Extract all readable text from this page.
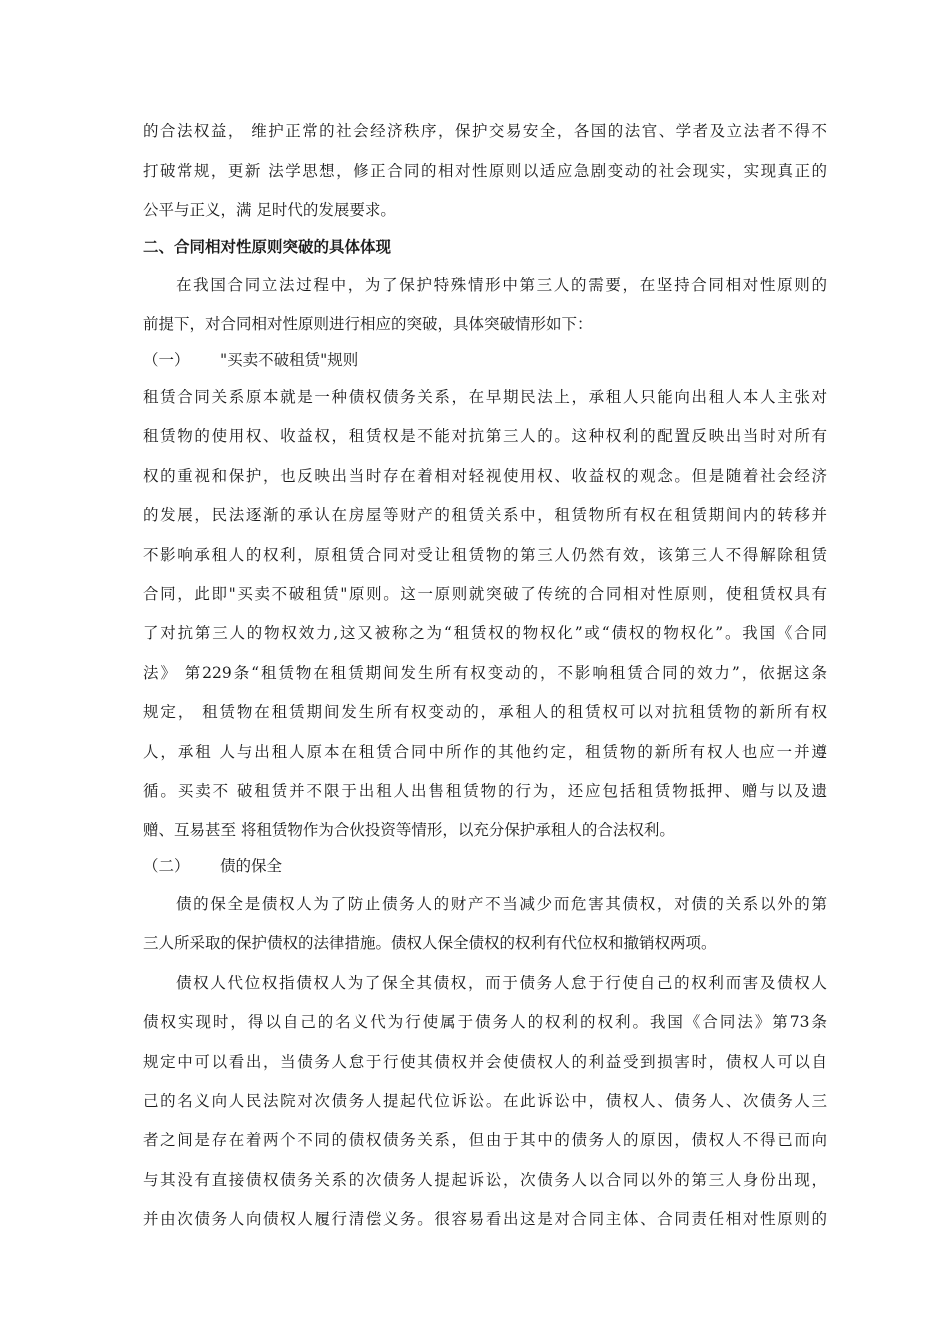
的合法权益， 维护正常的社会经济秩序，保护交易安全，各国的法官、学者及立法者不得不
打破常规，更新 法学思想，修正合同的相对性原则以适应急剧变动的社会现实，实现真正的
公平与正义，满 足时代的发展要求。
二、合同相对性原则突破的具体体现
在我国合同立法过程中，为了保护特殊情形中第三人的需要，在坚持合同相对性原则的
前提下，对合同相对性原则进行相应的突破，具体突破情形如下：
（一） "买卖不破租赁"规则
租赁合同关系原本就是一种债权债务关系，在早期民法上，承租人只能向出租人本人主张对
租赁物的使用权、收益权，租赁权是不能对抗第三人的。这种权利的配置反映出当时对所有
权的重视和保护，也反映出当时存在着相对轻视使用权、收益权的观念。但是随着社会经济
的发展，民法逐渐的承认在房屋等财产的租赁关系中，租赁物所有权在租赁期间内的转移并
不影响承租人的权利，原租赁合同对受让租赁物的第三人仍然有效，该第三人不得解除租赁
合同，此即"买卖不破租赁"原则。这一原则就突破了传统的合同相对性原则，使租赁权具有
了对抗第三人的物权效力,这又被称之为“租赁权的物权化”或“债权的物权化”。我国《合同
法》 第229条“租赁物在租赁期间发生所有权变动的，不影响租赁合同的效力”，依据这条
规定， 租赁物在租赁期间发生所有权变动的，承租人的租赁权可以对抗租赁物的新所有权
人，承租 人与出租人原本在租赁合同中所作的其他约定，租赁物的新所有权人也应一并遵
循。买卖不 破租赁并不限于出租人出售租赁物的行为，还应包括租赁物抵押、赠与以及遗
赠、互易甚至 将租赁物作为合伙投资等情形，以充分保护承租人的合法权利。
（二） 债的保全
债的保全是债权人为了防止债务人的财产不当减少而危害其债权，对债的关系以外的第
三人所采取的保护债权的法律措施。债权人保全债权的权利有代位权和撤销权两项。
债权人代位权指债权人为了保全其债权，而于债务人怠于行使自己的权利而害及债权人
债权实现时，得以自己的名义代为行使属于债务人的权利的权利。我国《合同法》第73条
规定中可以看出，当债务人怠于行使其债权并会使债权人的利益受到损害时，债权人可以自
己的名义向人民法院对次债务人提起代位诉讼。在此诉讼中，债权人、债务人、次债务人三
者之间是存在着两个不同的债权债务关系，但由于其中的债务人的原因，债权人不得已而向
与其没有直接债权债务关系的次债务人提起诉讼，次债务人以合同以外的第三人身份出现，
并由次债务人向债权人履行清偿义务。很容易看出这是对合同主体、合同责任相对性原则的
